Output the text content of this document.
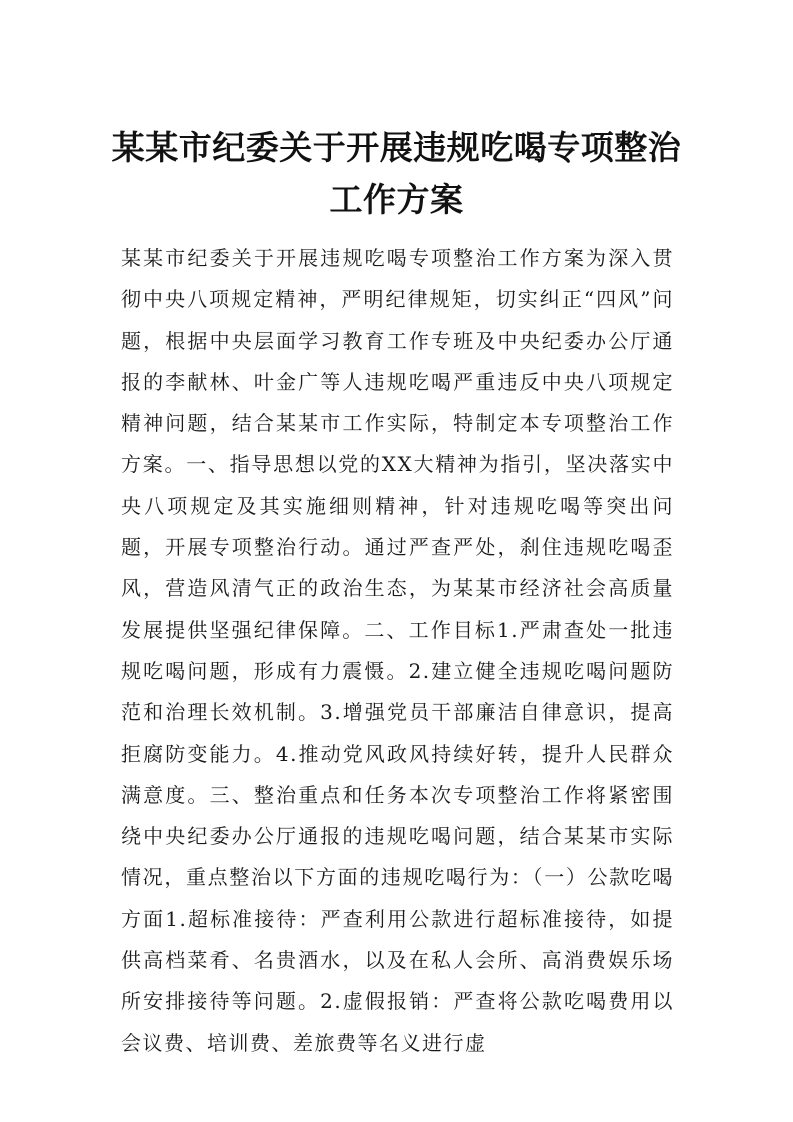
某某市纪委关于开展违规吃喝专项整治工作方案

某某市纪委关于开展违规吃喝专项整治工作方案为深入贯彻中央八项规定精神，严明纪律规矩，切实纠正“四风”问题，根据中央层面学习教育工作专班及中央纪委办公厅通报的李献林、叶金广等人违规吃喝严重违反中央八项规定精神问题，结合某某市工作实际，特制定本专项整治工作方案。一、指导思想以党的XX大精神为指引，坚决落实中央八项规定及其实施细则精神，针对违规吃喝等突出问题，开展专项整治行动。通过严查严处，刹住违规吃喝歪风，营造风清气正的政治生态，为某某市经济社会高质量发展提供坚强纪律保障。二、工作目标1.严肃查处一批违规吃喝问题，形成有力震慑。2.建立健全违规吃喝问题防范和治理长效机制。3.增强党员干部廉洁自律意识，提高拒腐防变能力。4.推动党风政风持续好转，提升人民群众满意度。三、整治重点和任务本次专项整治工作将紧密围绕中央纪委办公厅通报的违规吃喝问题，结合某某市实际情况，重点整治以下方面的违规吃喝行为：（一）公款吃喝方面1.超标准接待：严查利用公款进行超标准接待，如提供高档菜肴、名贵酒水，以及在私人会所、高消费娱乐场所安排接待等问题。2.虚假报销：严查将公款吃喝费用以会议费、培训费、差旅费等名义进行虚
